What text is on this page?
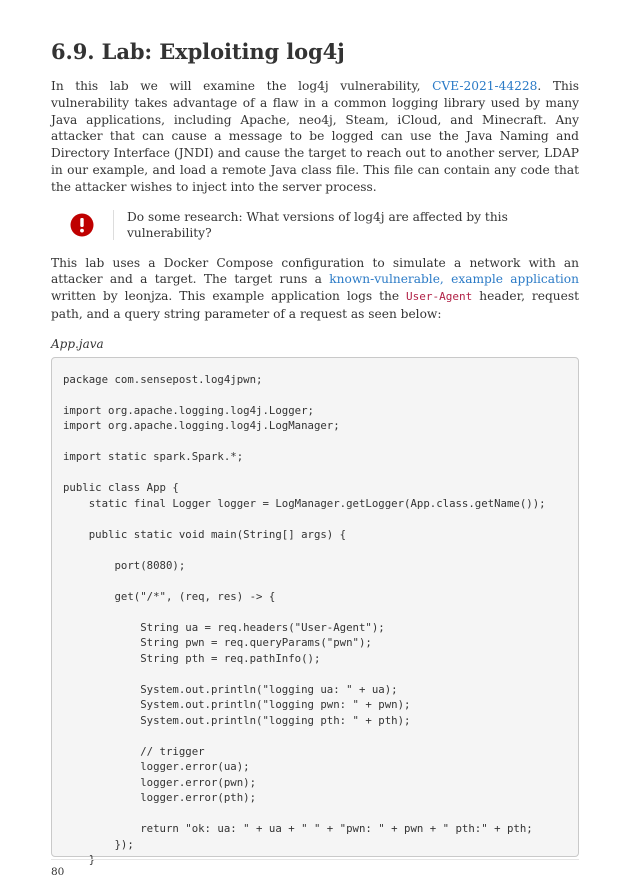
6.9. Lab: Exploiting log4j

In this lab we will examine the log4j vulnerability, CVE-2021-44228. This vulnerability takes advantage of a flaw in a common logging library used by many Java applications, including Apache, neo4j, Steam, iCloud, and Minecraft. Any attacker that can cause a message to be logged can use the Java Naming and Directory Interface (JNDI) and cause the target to reach out to another server, LDAP in our example, and load a remote Java class file. This file can contain any code that the attacker wishes to inject into the server process.

Do some research: What versions of log4j are affected by this vulnerability?

This lab uses a Docker Compose configuration to simulate a network with an attacker and a target. The target runs a known-vulnerable, example application written by leonjza. This example application logs the User-Agent header, request path, and a query string parameter of a request as seen below:

App.java
package com.sensepost.log4jpwn;
import org.apache.logging.log4j.Logger;
import org.apache.logging.log4j.LogManager;
import static spark.Spark.*;
public class App {
static final Logger logger = LogManager.getLogger(App.class.getName());
public static void main(String[] args) {
port(8080);
get("/*", (req, res) -> {
String ua = req.headers("User-Agent");
String pwn = req.queryParams("pwn");
String pth = req.pathInfo();
System.out.println("logging ua: " + ua);
System.out.println("logging pwn: " + pwn);
System.out.println("logging pth: " + pth);
// trigger
logger.error(ua);
logger.error(pwn);
logger.error(pth);
return "ok: ua: " + ua + " " + "pwn: " + pwn + " pth:" + pth;
});
}
80
